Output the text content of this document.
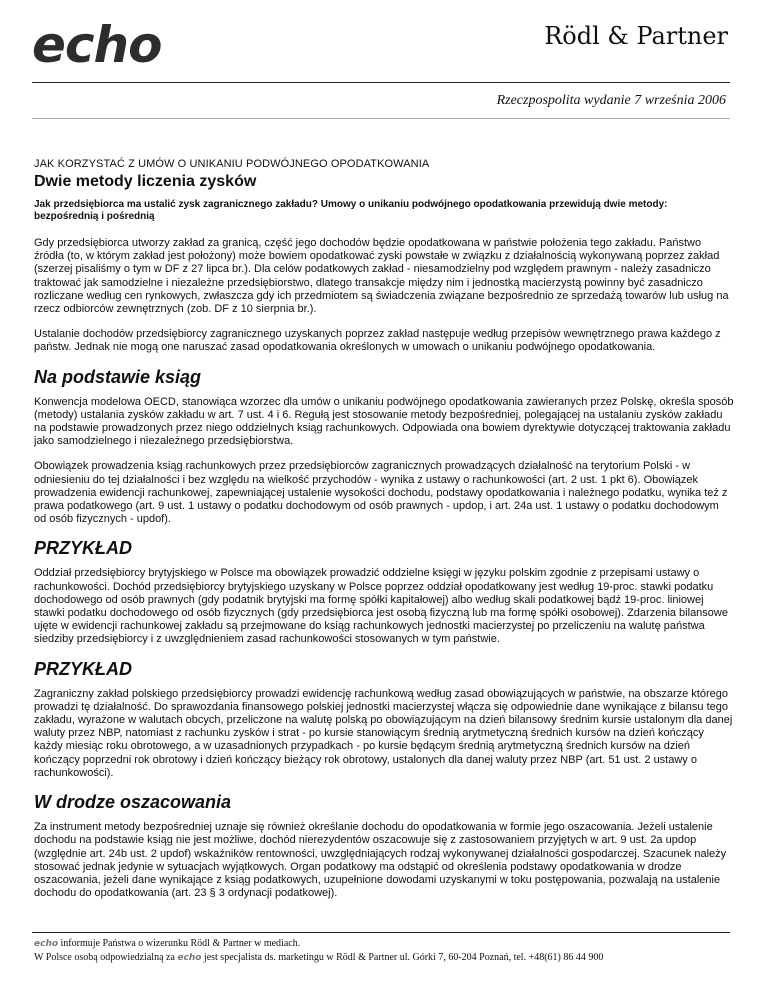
echo	Rödl & Partner
Rzeczpospolita wydanie 7 września 2006

JAK KORZYSTAĆ Z UMÓW O UNIKANIU PODWÓJNEGO OPODATKOWANIA

Dwie metody liczenia zysków

Jak przedsiębiorca ma ustalić zysk zagranicznego zakładu? Umowy o unikaniu podwójnego opodatkowania przewidują dwie metody: bezpośrednią i pośrednią

Gdy przedsiębiorca utworzy zakład za granicą, część jego dochodów będzie opodatkowana w państwie położenia tego zakładu. Państwo źródła (to, w którym zakład jest położony) może bowiem opodatkować zyski powstałe w związku z działalnością wykonywaną poprzez zakład (szerzej pisaliśmy o tym w DF z 27 lipca br.). Dla celów podatkowych zakład - niesamodzielny pod względem prawnym - należy zasadniczo traktować jak samodzielne i niezależne przedsiębiorstwo, dlatego transakcje między nim i jednostką macierzystą powinny być zasadniczo rozliczane według cen rynkowych, zwłaszcza gdy ich przedmiotem są świadczenia związane bezpośrednio ze sprzedażą towarów lub usług na rzecz odbiorców zewnętrznych (zob. DF z 10 sierpnia br.).

Ustalanie dochodów przedsiębiorcy zagranicznego uzyskanych poprzez zakład następuje według przepisów wewnętrznego prawa każdego z państw. Jednak nie mogą one naruszać zasad opodatkowania określonych w umowach o unikaniu podwójnego opodatkowania.

Na podstawie ksiąg

Konwencja modelowa OECD, stanowiąca wzorzec dla umów o unikaniu podwójnego opodatkowania zawieranych przez Polskę, określa sposób (metody) ustalania zysków zakładu w art. 7 ust. 4 i 6. Regułą jest stosowanie metody bezpośredniej, polegającej na ustalaniu zysków zakładu na podstawie prowadzonych przez niego oddzielnych ksiąg rachunkowych. Odpowiada ona bowiem dyrektywie dotyczącej traktowania zakładu jako samodzielnego i niezależnego przedsiębiorstwa.

Obowiązek prowadzenia ksiąg rachunkowych przez przedsiębiorców zagranicznych prowadzących działalność na terytorium Polski - w odniesieniu do tej działalności i bez względu na wielkość przychodów - wynika z ustawy o rachunkowości (art. 2 ust. 1 pkt 6). Obowiązek prowadzenia ewidencji rachunkowej, zapewniającej ustalenie wysokości dochodu, podstawy opodatkowania i należnego podatku, wynika też z prawa podatkowego (art. 9 ust. 1 ustawy o podatku dochodowym od osób prawnych - updop, i art. 24a ust. 1 ustawy o podatku dochodowym od osób fizycznych - updof).

PRZYKŁAD

Oddział przedsiębiorcy brytyjskiego w Polsce ma obowiązek prowadzić oddzielne księgi w języku polskim zgodnie z przepisami ustawy o rachunkowości. Dochód przedsiębiorcy brytyjskiego uzyskany w Polsce poprzez oddział opodatkowany jest według 19-proc. stawki podatku dochodowego od osób prawnych (gdy podatnik brytyjski ma formę spółki kapitałowej) albo według skali podatkowej bądź 19-proc. liniowej stawki podatku dochodowego od osób fizycznych (gdy przedsiębiorca jest osobą fizyczną lub ma formę spółki osobowej). Zdarzenia bilansowe ujęte w ewidencji rachunkowej zakładu są przejmowane do ksiąg rachunkowych jednostki macierzystej po przeliczeniu na walutę państwa siedziby przedsiębiorcy i z uwzględnieniem zasad rachunkowości stosowanych w tym państwie.

PRZYKŁAD

Zagraniczny zakład polskiego przedsiębiorcy prowadzi ewidencję rachunkową według zasad obowiązujących w państwie, na obszarze którego prowadzi tę działalność. Do sprawozdania finansowego polskiej jednostki macierzystej włącza się odpowiednie dane wynikające z bilansu tego zakładu, wyrażone w walutach obcych, przeliczone na walutę polską po obowiązującym na dzień bilansowy średnim kursie ustalonym dla danej waluty przez NBP, natomiast z rachunku zysków i strat - po kursie stanowiącym średnią arytmetyczną średnich kursów na dzień kończący każdy miesiąc roku obrotowego, a w uzasadnionych przypadkach - po kursie będącym średnią arytmetyczną średnich kursów na dzień kończący poprzedni rok obrotowy i dzień kończący bieżący rok obrotowy, ustalonych dla danej waluty przez NBP (art. 51 ust. 2 ustawy o rachunkowości).

W drodze oszacowania

Za instrument metody bezpośredniej uznaje się również określanie dochodu do opodatkowania w formie jego oszacowania. Jeżeli ustalenie dochodu na podstawie ksiąg nie jest możliwe, dochód nierezydentów oszacowuje się z zastosowaniem przyjętych w art. 9 ust. 2a updop (względnie art. 24b ust. 2 updof) wskaźników rentowności, uwzględniających rodzaj wykonywanej działalności gospodarczej. Szacunek należy stosować jednak jedynie w sytuacjach wyjątkowych. Organ podatkowy ma odstąpić od określenia podstawy opodatkowania w drodze oszacowania, jeżeli dane wynikające z ksiąg podatkowych, uzupełnione dowodami uzyskanymi w toku postępowania, pozwalają na ustalenie dochodu do opodatkowania (art. 23 § 3 ordynacji podatkowej).

echo informuje Państwa o wizerunku Rödl & Partner w mediach.
W Polsce osobą odpowiedzialną za echo jest specjalista ds. marketingu w Rödl & Partner ul. Górki 7, 60-204 Poznań, tel. +48(61) 86 44 900
